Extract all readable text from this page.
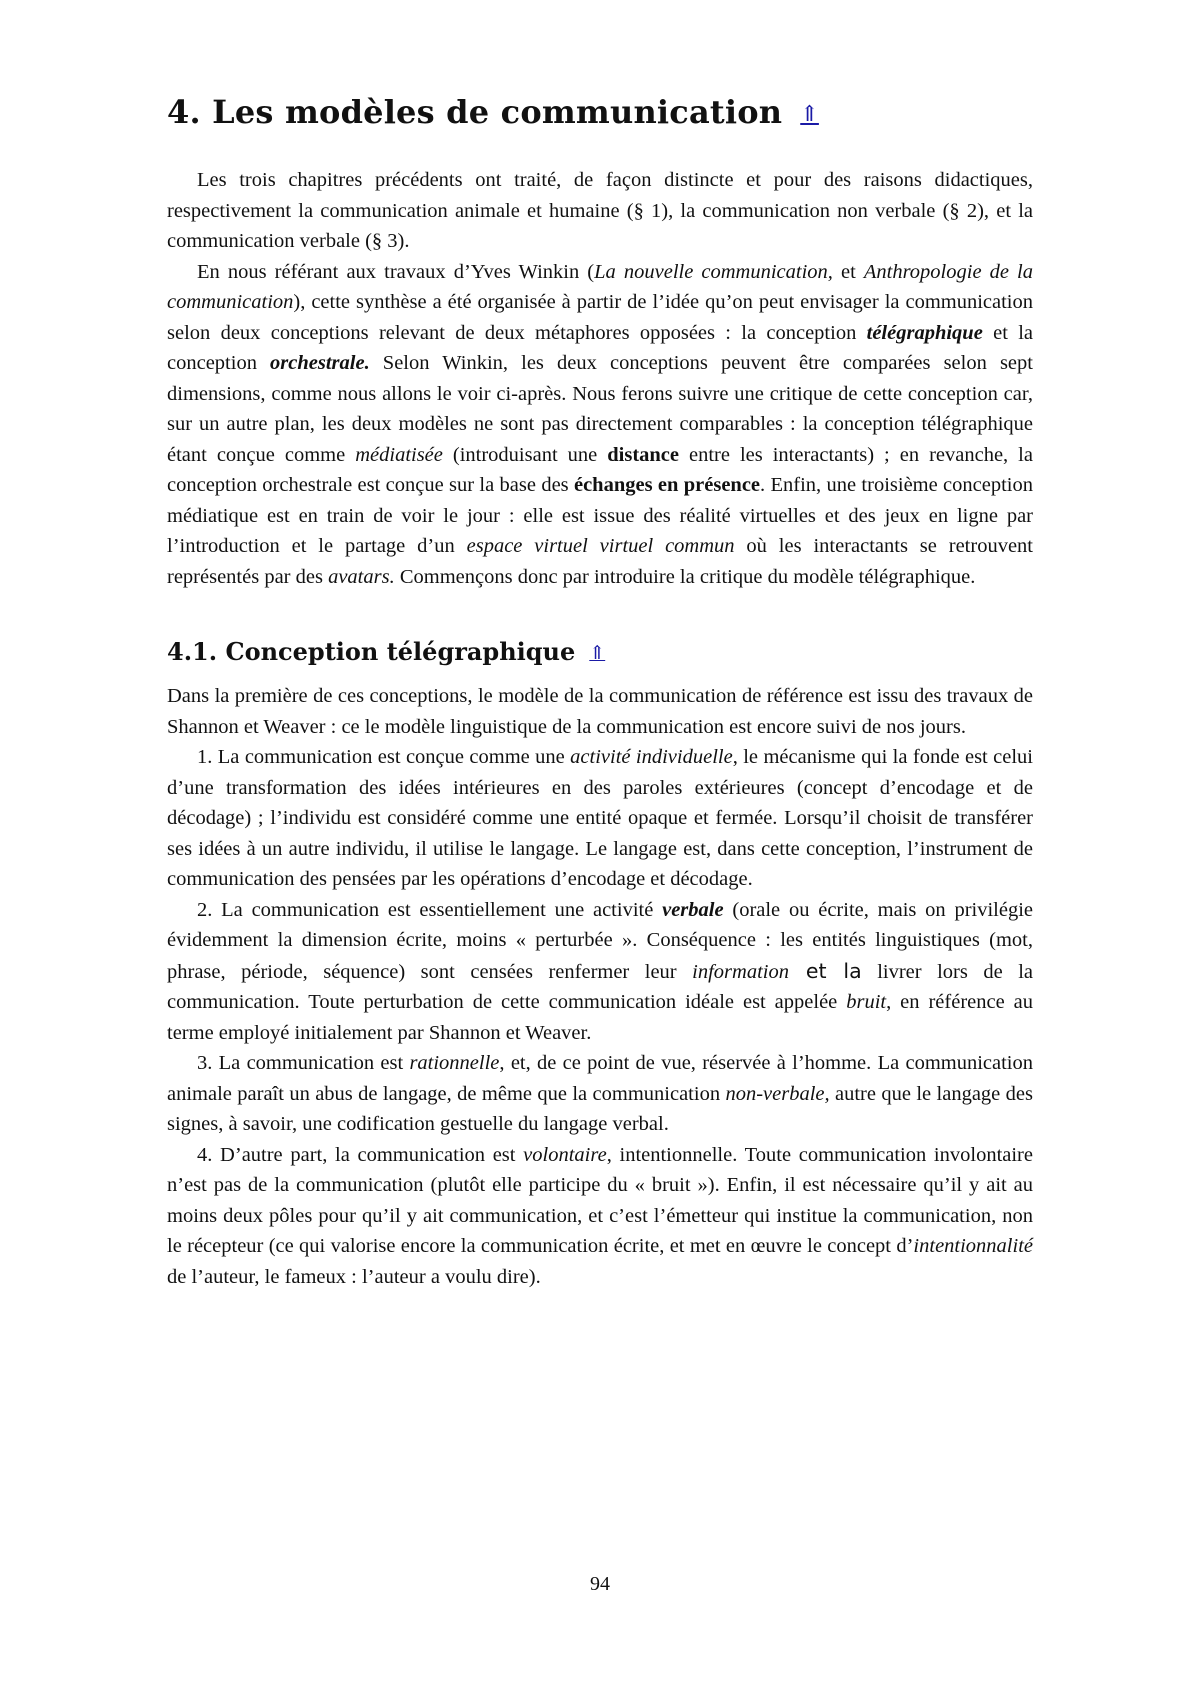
4. Les modèles de communication ⇑

Les trois chapitres précédents ont traité, de façon distincte et pour des raisons didactiques, respectivement la communication animale et humaine (§ 1), la communication non verbale (§ 2), et la communication verbale (§ 3).

En nous référant aux travaux d’Yves Winkin (La nouvelle communication, et Anthropologie de la communication), cette synthèse a été organisée à partir de l’idée qu’on peut envisager la communication selon deux conceptions relevant de deux métaphores opposées : la conception télégraphique et la conception orchestrale. Selon Winkin, les deux conceptions peuvent être comparées selon sept dimensions, comme nous allons le voir ci-après. Nous ferons suivre une critique de cette conception car, sur un autre plan, les deux modèles ne sont pas directement comparables : la conception télégraphique étant conçue comme médiatisée (introduisant une distance entre les interactants) ; en revanche, la conception orchestrale est conçue sur la base des échanges en présence. Enfin, une troisième conception médiatique est en train de voir le jour : elle est issue des réalité virtuelles et des jeux en ligne par l’introduction et le partage d’un espace virtuel virtuel commun où les interactants se retrouvent représentés par des avatars. Commençons donc par introduire la critique du modèle télégraphique.

4.1. Conception télégraphique ⇑

Dans la première de ces conceptions, le modèle de la communication de référence est issu des travaux de Shannon et Weaver : ce le modèle linguistique de la communication est encore suivi de nos jours.

1. La communication est conçue comme une activité individuelle, le mécanisme qui la fonde est celui d’une transformation des idées intérieures en des paroles extérieures (concept d’encodage et de décodage) ; l’individu est considéré comme une entité opaque et fermée. Lorsqu’il choisit de transférer ses idées à un autre individu, il utilise le langage. Le langage est, dans cette conception, l’instrument de communication des pensées par les opérations d’encodage et décodage.

2. La communication est essentiellement une activité verbale (orale ou écrite, mais on privilégie évidemment la dimension écrite, moins « perturbée ». Conséquence : les entités linguistiques (mot, phrase, période, séquence) sont censées renfermer leur information et la livrer lors de la communication. Toute perturbation de cette communication idéale est appelée bruit, en référence au terme employé initialement par Shannon et Weaver.

3. La communication est rationnelle, et, de ce point de vue, réservée à l’homme. La communication animale paraît un abus de langage, de même que la communication non-verbale, autre que le langage des signes, à savoir, une codification gestuelle du langage verbal.

4. D’autre part, la communication est volontaire, intentionnelle. Toute communication involontaire n’est pas de la communication (plutôt elle participe du « bruit »). Enfin, il est nécessaire qu’il y ait au moins deux pôles pour qu’il y ait communication, et c’est l’émetteur qui institue la communication, non le récepteur (ce qui valorise encore la communication écrite, et met en œuvre le concept d’intentionnalité de l’auteur, le fameux : l’auteur a voulu dire).

94
